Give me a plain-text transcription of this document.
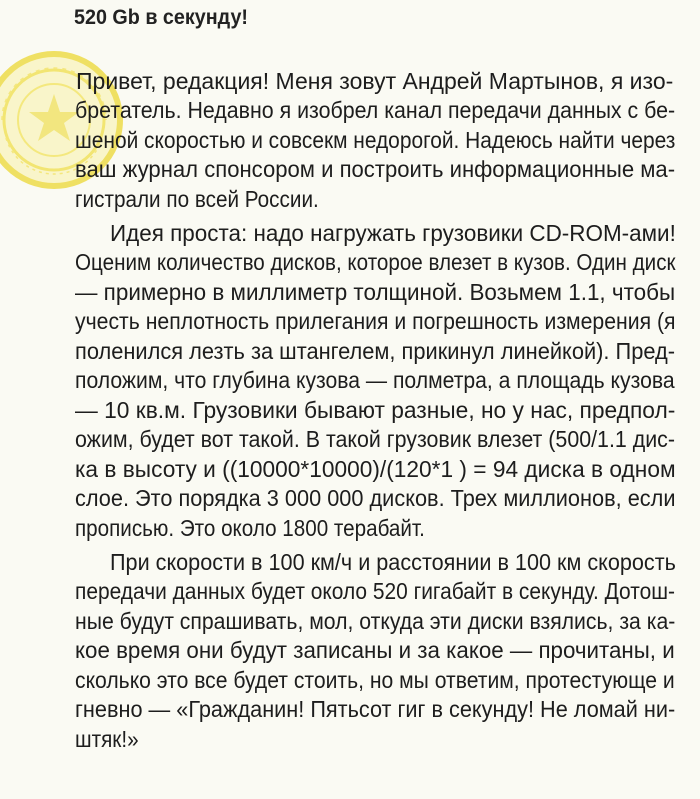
520 Gb в секунду!
Привет, редакция! Меня зовут Андрей Мартынов, я изо-
бретатель. Недавно я изобрел канал передачи данных с бе-
шеной скоростью и совсекм недорогой. Надеюсь найти через
ваш журнал спонсором и построить информационные ма-
гистрали по всей России.
Идея проста: надо нагружать грузовики CD-ROM-ами!
Оценим количество дисков, которое влезет в кузов. Один диск
— примерно в миллиметр толщиной. Возьмем 1.1, чтобы
учесть неплотность прилегания и погрешность измерения (я
поленился лезть за штангелем, прикинул линейкой). Пред-
положим, что глубина кузова — полметра, а площадь кузова
— 10 кв.м. Грузовики бывают разные, но у нас, предпол-
ожим, будет вот такой. В такой грузовик влезет (500/1.1 дис-
ка в высоту и ((10000*10000)/(120*1 ) = 94 диска в одном
слое. Это порядка 3 000 000 дисков. Трех миллионов, если
прописью. Это около 1800 терабайт.
При скорости в 100 км/ч и расстоянии в 100 км скорость
передачи данных будет около 520 гигабайт в секунду. Дотош-
ные будут спрашивать, мол, откуда эти диски взялись, за ка-
кое время они будут записаны и за какое — прочитаны, и
сколько это все будет стоить, но мы ответим, протестующе и
гневно — «Гражданин! Пятьсот гиг в секунду! Не ломай ни-
штяк!»
